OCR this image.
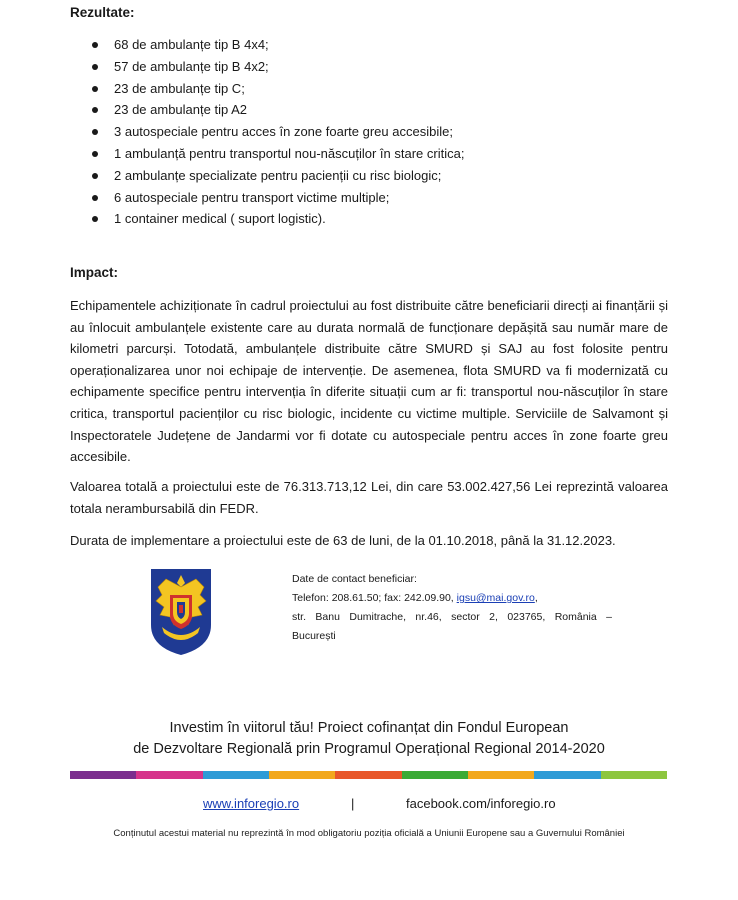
Rezultate:
68 de ambulanțe tip B 4x4;
57 de ambulanțe tip B 4x2;
23 de ambulanțe tip C;
23 de ambulanțe tip A2
3 autospeciale pentru acces în zone foarte greu accesibile;
1 ambulanță pentru transportul nou-născuților în stare critica;
2 ambulanțe specializate pentru pacienții cu risc biologic;
6 autospeciale pentru transport victime multiple;
1 container medical ( suport logistic).
Impact:

Echipamentele achiziționate în cadrul proiectului au fost distribuite către beneficiarii direcți ai finanțării și au înlocuit ambulanțele existente care au durata normală de funcționare depășită sau număr mare de kilometri parcurși. Totodată, ambulanțele distribuite către SMURD și SAJ au fost folosite pentru operaționalizarea unor noi echipaje de intervenție. De asemenea, flota SMURD va fi modernizată cu echipamente specifice pentru intervenția în diferite situații cum ar fi: transportul nou-născuților în stare critica, transportul pacienților cu risc biologic, incidente cu victime multiple. Serviciile de Salvamont și Inspectoratele Județene de Jandarmi vor fi dotate cu autospeciale pentru acces în zone foarte greu accesibile.

Valoarea totală a proiectului este de 76.313.713,12 Lei, din care 53.002.427,56 Lei reprezintă valoarea totala nerambursabilă din FEDR.

Durata de implementare a proiectului este de 63 de luni, de la 01.10.2018, până la 31.12.2023.

Date de contact beneficiar:
Telefon: 208.61.50; fax: 242.09.90, igsu@mai.gov.ro,
str. Banu Dumitrache, nr.46, sector 2, 023765, România –
București
Investim în viitorul tău! Proiect cofinanțat din Fondul European
de Dezvoltare Regională prin Programul Operațional Regional 2014-2020
www.inforegio.ro	|	facebook.com/inforegio.ro
Conținutul acestui material nu reprezintă în mod obligatoriu poziția oficială a Uniunii Europene sau a Guvernului României
